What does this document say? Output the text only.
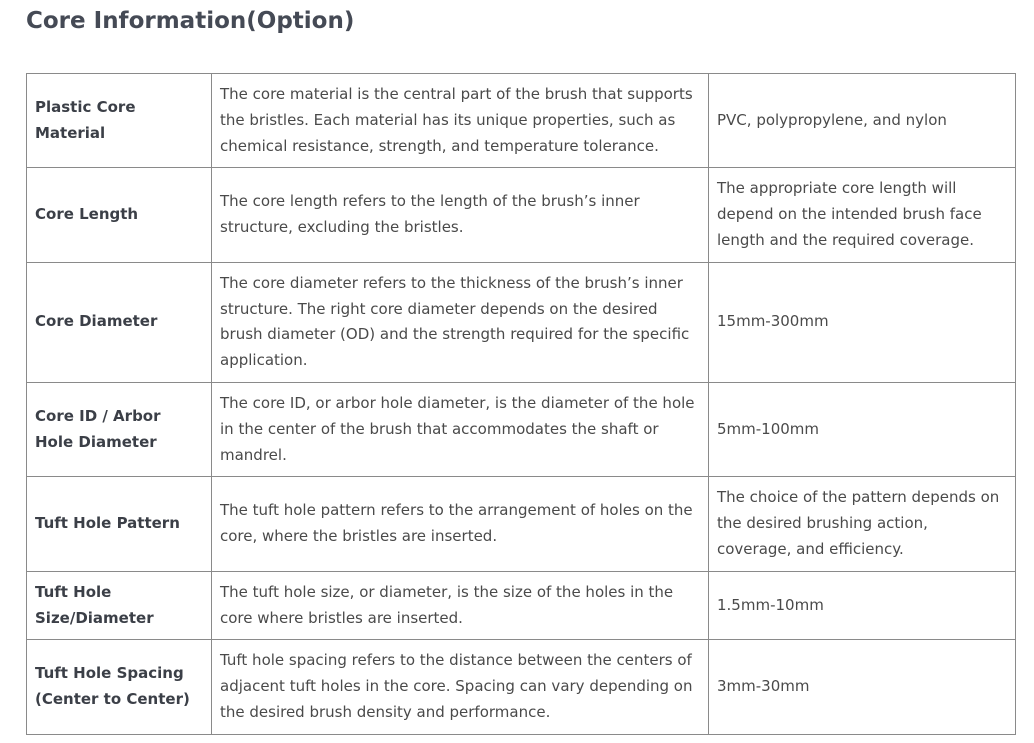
Core Information(Option)
Plastic Core Material	The core material is the central part of the brush that supports the bristles. Each material has its unique properties, such as chemical resistance, strength, and temperature tolerance.	PVC, polypropylene, and nylon
Core Length	The core length refers to the length of the brush’s inner structure, excluding the bristles.	The appropriate core length will depend on the intended brush face length and the required coverage.
Core Diameter	The core diameter refers to the thickness of the brush’s inner structure. The right core diameter depends on the desired brush diameter (OD) and the strength required for the specific application.	15mm-300mm
Core ID / Arbor Hole Diameter	The core ID, or arbor hole diameter, is the diameter of the hole in the center of the brush that accommodates the shaft or mandrel.	5mm-100mm
Tuft Hole Pattern	The tuft hole pattern refers to the arrangement of holes on the core, where the bristles are inserted.	The choice of the pattern depends on the desired brushing action, coverage, and efficiency.
Tuft Hole Size/Diameter	The tuft hole size, or diameter, is the size of the holes in the core where bristles are inserted.	1.5mm-10mm
Tuft Hole Spacing (Center to Center)	Tuft hole spacing refers to the distance between the centers of adjacent tuft holes in the core. Spacing can vary depending on the desired brush density and performance.	3mm-30mm
